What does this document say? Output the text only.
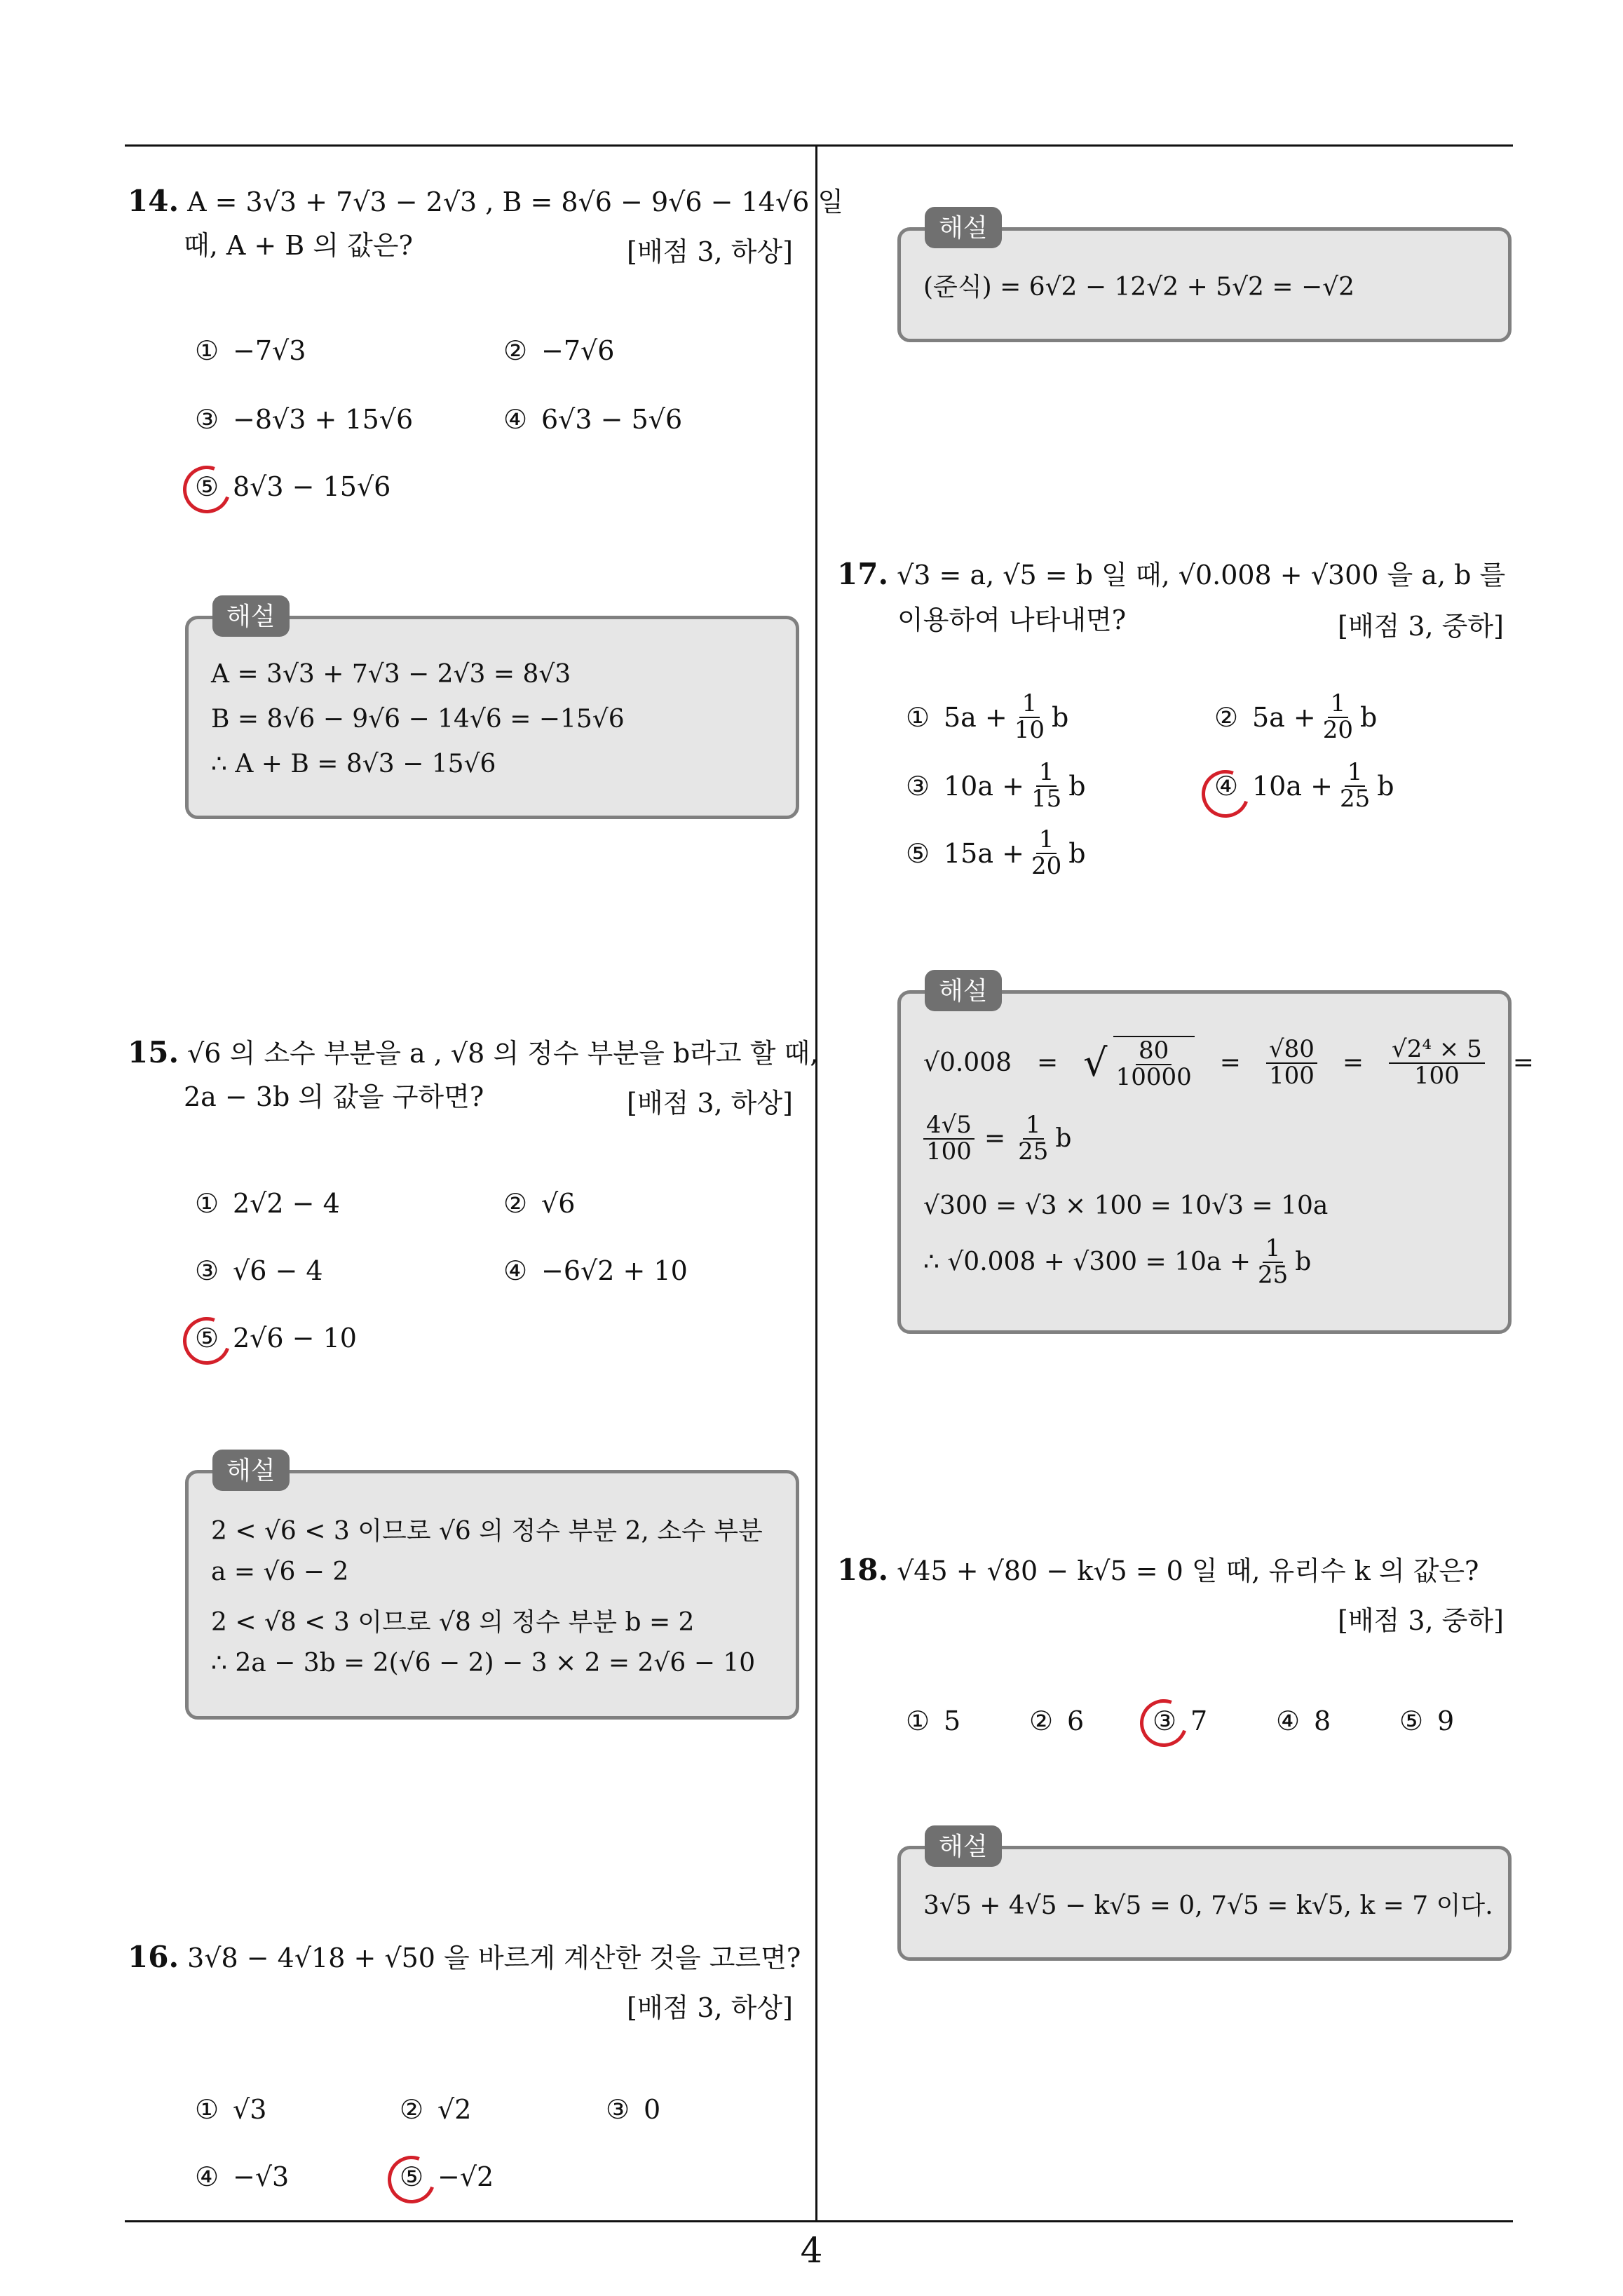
14. A = 3√3 + 7√3 − 2√3 , B = 8√6 − 9√6 − 14√6 일
때, A + B 의 값은?	[배점 3, 하상]
① −7√3	② −7√6
③ −8√3 + 15√6	④ 6√3 − 5√6
⑤ 8√3 − 15√6
해설
A = 3√3 + 7√3 − 2√3 = 8√3
B = 8√6 − 9√6 − 14√6 = −15√6
∴ A + B = 8√3 − 15√6
15. √6 의 소수 부분을 a , √8 의 정수 부분을 b라고 할 때,
2a − 3b 의 값을 구하면?	[배점 3, 하상]
① 2√2 − 4	② √6
③ √6 − 4	④ −6√2 + 10
⑤ 2√6 − 10
해설
2 < √6 < 3 이므로 √6 의 정수 부분 2, 소수 부분
a = √6 − 2
2 < √8 < 3 이므로 √8 의 정수 부분 b = 2
∴ 2a − 3b = 2(√6 − 2) − 3 × 2 = 2√6 − 10
16. 3√8 − 4√18 + √50 을 바르게 계산한 것을 고르면?
[배점 3, 하상]
① √3	② √2	③ 0
④ −√3	⑤ −√2
해설
(준식) = 6√2 − 12√2 + 5√2 = −√2
17. √3 = a, √5 = b 일 때, √0.008 + √300 을 a, b 를
이용하여 나타내면?	[배점 3, 중하]
① $5a + \frac{1}{10}$ b	② $5a + \frac{1}{20}$ b
③ $10a + \frac{1}{15}$ b	④ $10a + \frac{1}{25}$ b
⑤ $15a + \frac{1}{20}$ b
해설
√0.008 = √ $\frac{80}{10000} = \frac{√80}{100} = \frac{\text{√2⁴ × 5}}{100}$ =
$\frac{4√5}{100} = \frac{1}{25}$ b
√300 = √3 × 100 = 10√3 = 10a
∴ $√0.008 + √300 = 10a + \frac{1}{25}$ b
18. √45 + √80 − k√5 = 0 일 때, 유리수 k 의 값은?
[배점 3, 중하]
① 5	② 6	③ 7	④ 8	⑤ 9
해설
3√5 + 4√5 − k√5 = 0, 7√5 = k√5, k = 7 이다.
4
